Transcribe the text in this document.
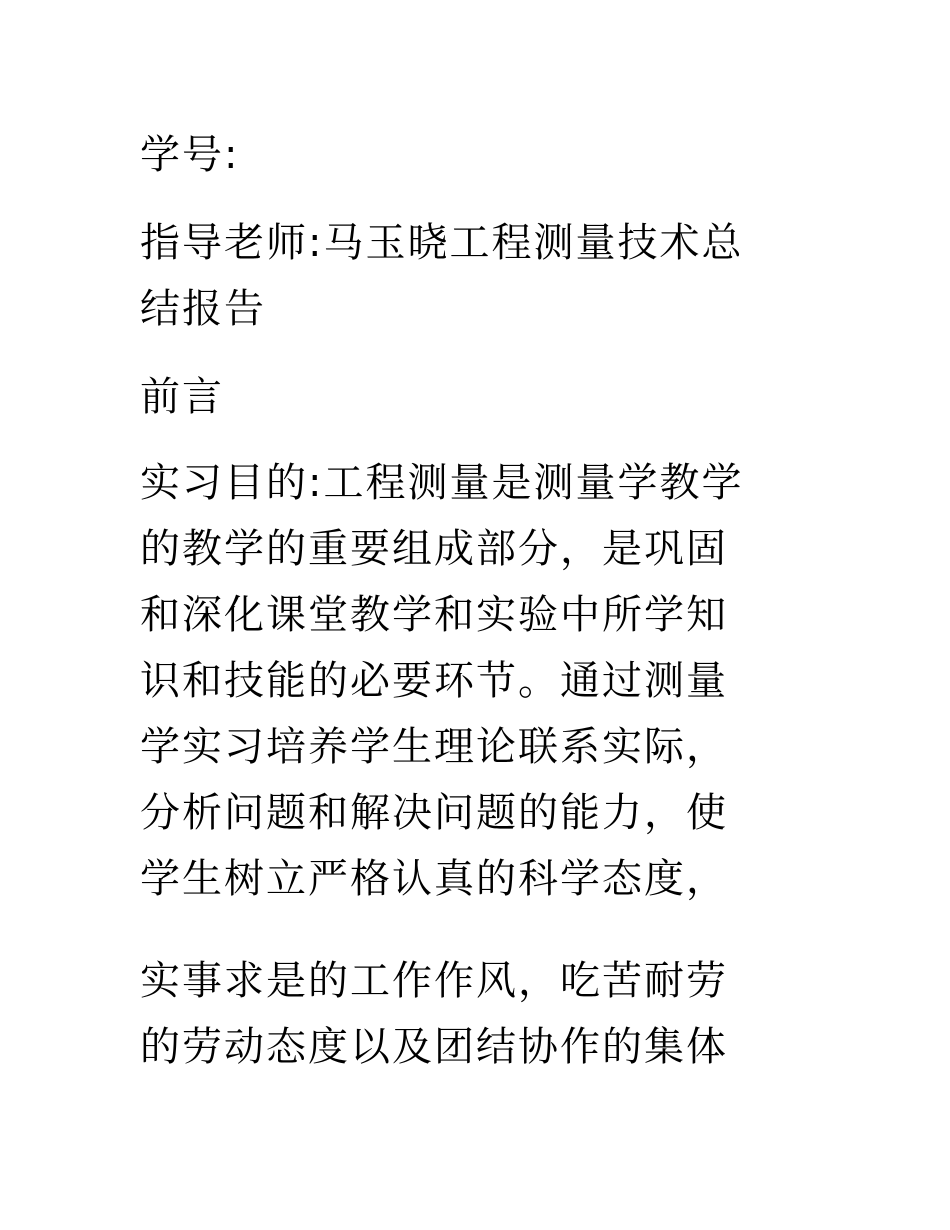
学号:

指导老师:马玉晓工程测量技术总
结报告

前言

实习目的:工程测量是测量学教学
的教学的重要组成部分，是巩固
和深化课堂教学和实验中所学知
识和技能的必要环节。通过测量
学实习培养学生理论联系实际，
分析问题和解决问题的能力，使
学生树立严格认真的科学态度，

实事求是的工作作风，吃苦耐劳
的劳动态度以及团结协作的集体
